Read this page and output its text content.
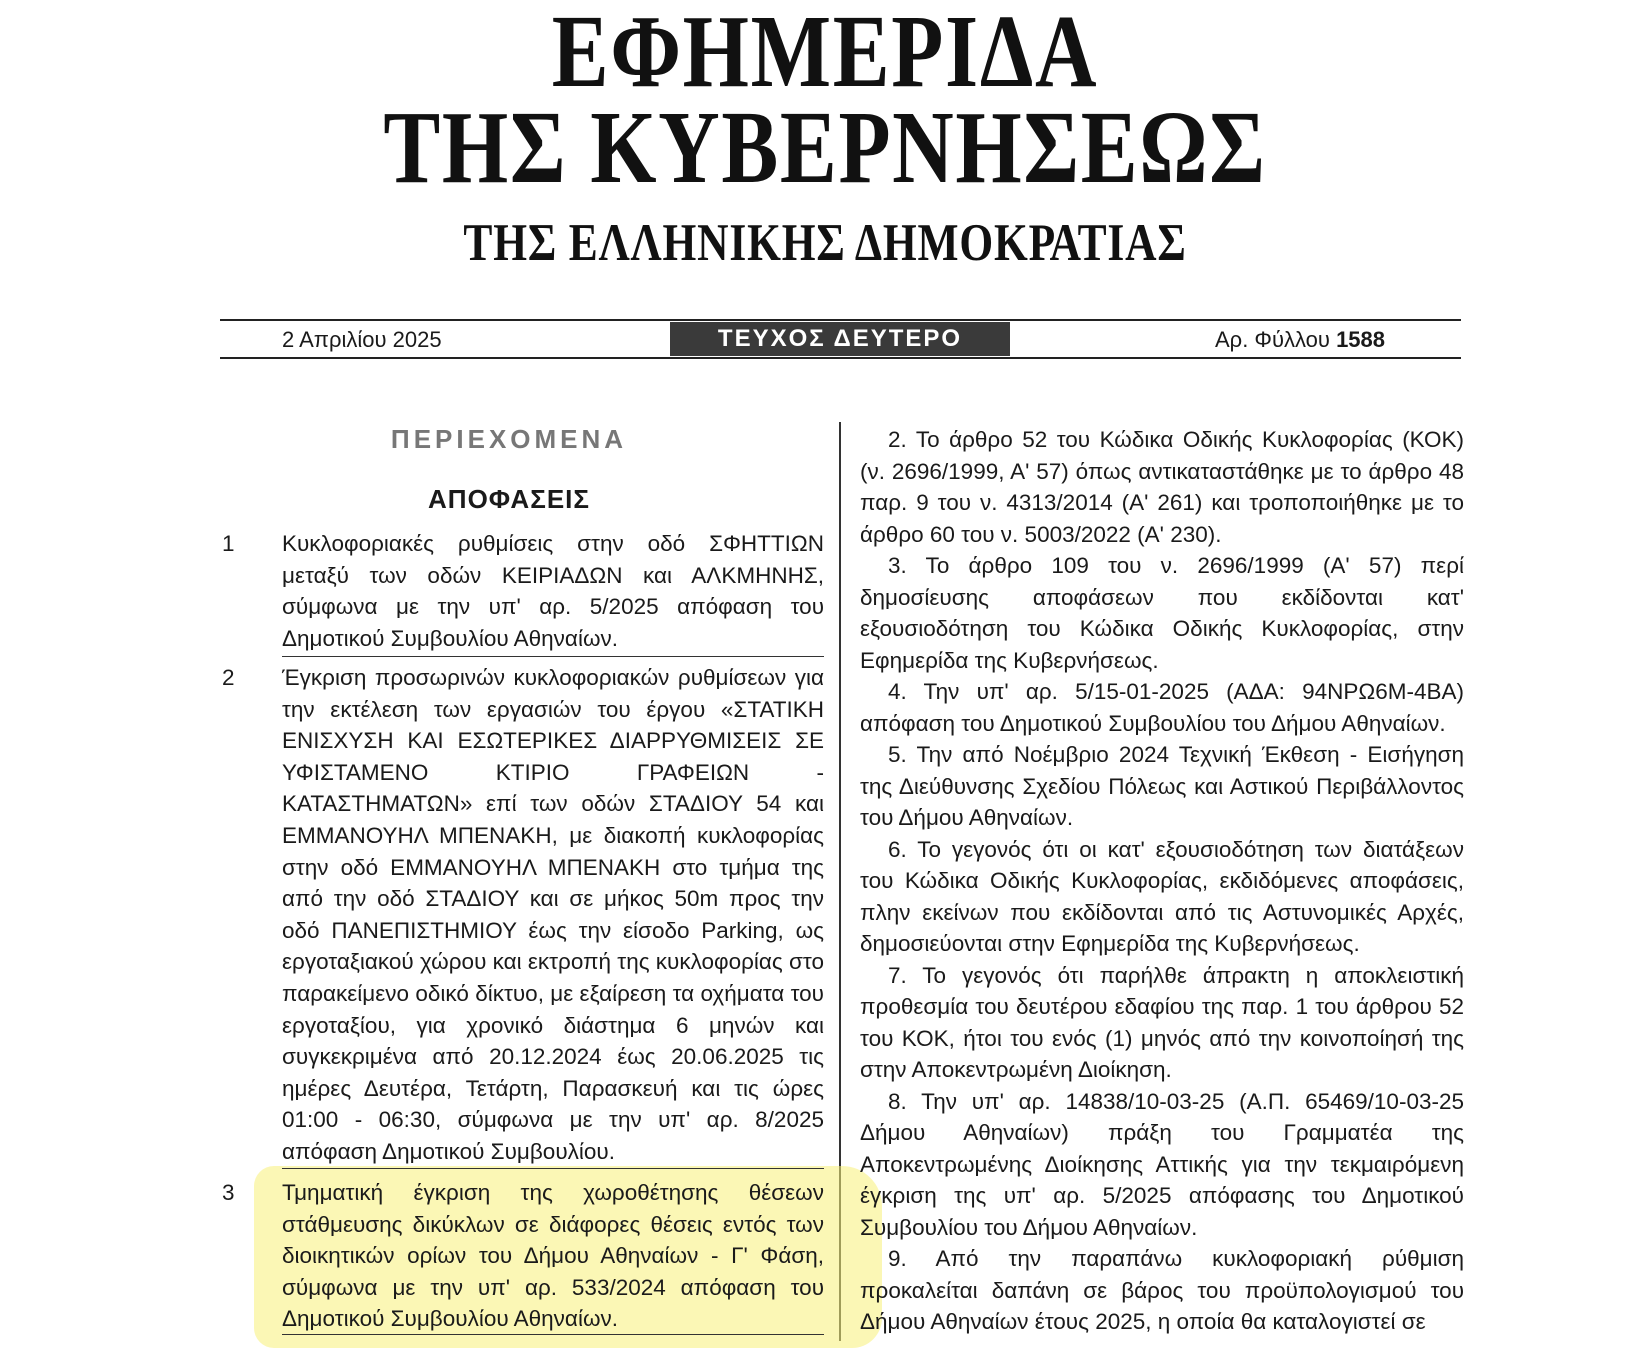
ΕΦΗΜΕΡΙΔΑ
ΤΗΣ ΚΥΒΕΡΝΗΣΕΩΣ
ΤΗΣ ΕΛΛΗΝΙΚΗΣ ΔΗΜΟΚΡΑΤΙΑΣ
2 Απριλίου 2025	ΤΕΥΧΟΣ ΔΕΥΤΕΡΟ	Αρ. Φύλλου 1588
ΠΕΡΙΕΧΟΜΕΝΑ
ΑΠΟΦΑΣΕΙΣ
1 Κυκλοφοριακές ρυθμίσεις στην οδό ΣΦΗΤΤΙΩΝ μεταξύ των οδών ΚΕΙΡΙΑΔΩΝ και ΑΛΚΜΗΝΗΣ, σύμφωνα με την υπ' αρ. 5/2025 απόφαση του Δημοτικού Συμβουλίου Αθηναίων.
2 Έγκριση προσωρινών κυκλοφοριακών ρυθμίσεων για την εκτέλεση των εργασιών του έργου «ΣΤΑΤΙΚΗ ΕΝΙΣΧΥΣΗ ΚΑΙ ΕΣΩΤΕΡΙΚΕΣ ΔΙΑΡΡΥΘΜΙΣΕΙΣ ΣΕ ΥΦΙΣΤΑΜΕΝΟ ΚΤΙΡΙΟ ΓΡΑΦΕΙΩΝ - ΚΑΤΑΣΤΗΜΑΤΩΝ» επί των οδών ΣΤΑΔΙΟΥ 54 και ΕΜΜΑΝΟΥΗΛ ΜΠΕΝΑΚΗ, με διακοπή κυκλοφορίας στην οδό ΕΜΜΑΝΟΥΗΛ ΜΠΕΝΑΚΗ στο τμήμα της από την οδό ΣΤΑΔΙΟΥ και σε μήκος 50m προς την οδό ΠΑΝΕΠΙΣΤΗΜΙΟΥ έως την είσοδο Parking, ως εργοταξιακού χώρου και εκτροπή της κυκλοφορίας στο παρακείμενο οδικό δίκτυο, με εξαίρεση τα οχήματα του εργοταξίου, για χρονικό διάστημα 6 μηνών και συγκεκριμένα από 20.12.2024 έως 20.06.2025 τις ημέρες Δευτέρα, Τετάρτη, Παρασκευή και τις ώρες 01:00 - 06:30, σύμφωνα με την υπ' αρ. 8/2025 απόφαση Δημοτικού Συμβουλίου.
3 Τμηματική έγκριση της χωροθέτησης θέσεων στάθμευσης δικύκλων σε διάφορες θέσεις εντός των διοικητικών ορίων του Δήμου Αθηναίων - Γ' Φάση, σύμφωνα με την υπ' αρ. 533/2024 απόφαση του Δημοτικού Συμβουλίου Αθηναίων.

2. Το άρθρο 52 του Κώδικα Οδικής Κυκλοφορίας (ΚΟΚ) (ν. 2696/1999, Α' 57) όπως αντικαταστάθηκε με το άρθρο 48 παρ. 9 του ν. 4313/2014 (Α' 261) και τροποποιήθηκε με το άρθρο 60 του ν. 5003/2022 (Α' 230).

3. Το άρθρο 109 του ν. 2696/1999 (Α' 57) περί δημοσίευσης αποφάσεων που εκδίδονται κατ' εξουσιοδότηση του Κώδικα Οδικής Κυκλοφορίας, στην Εφημερίδα της Κυβερνήσεως.

4. Την υπ' αρ. 5/15-01-2025 (ΑΔΑ: 94ΝΡΩ6Μ-4ΒΑ) απόφαση του Δημοτικού Συμβουλίου του Δήμου Αθηναίων.

5. Την από Νοέμβριο 2024 Τεχνική Έκθεση - Εισήγηση της Διεύθυνσης Σχεδίου Πόλεως και Αστικού Περιβάλλοντος του Δήμου Αθηναίων.

6. Το γεγονός ότι οι κατ' εξουσιοδότηση των διατάξεων του Κώδικα Οδικής Κυκλοφορίας, εκδιδόμενες αποφάσεις, πλην εκείνων που εκδίδονται από τις Αστυνομικές Αρχές, δημοσιεύονται στην Εφημερίδα της Κυβερνήσεως.

7. Το γεγονός ότι παρήλθε άπρακτη η αποκλειστική προθεσμία του δευτέρου εδαφίου της παρ. 1 του άρθρου 52 του ΚΟΚ, ήτοι του ενός (1) μηνός από την κοινοποίησή της στην Αποκεντρωμένη Διοίκηση.

8. Την υπ' αρ. 14838/10-03-25 (Α.Π. 65469/10-03-25 Δήμου Αθηναίων) πράξη του Γραμματέα της Αποκεντρωμένης Διοίκησης Αττικής για την τεκμαιρόμενη έγκριση της υπ' αρ. 5/2025 απόφασης του Δημοτικού Συμβουλίου του Δήμου Αθηναίων.

9. Από την παραπάνω κυκλοφοριακή ρύθμιση προκαλείται δαπάνη σε βάρος του προϋπολογισμού του Δήμου Αθηναίων έτους 2025, η οποία θα καταλογιστεί σε
